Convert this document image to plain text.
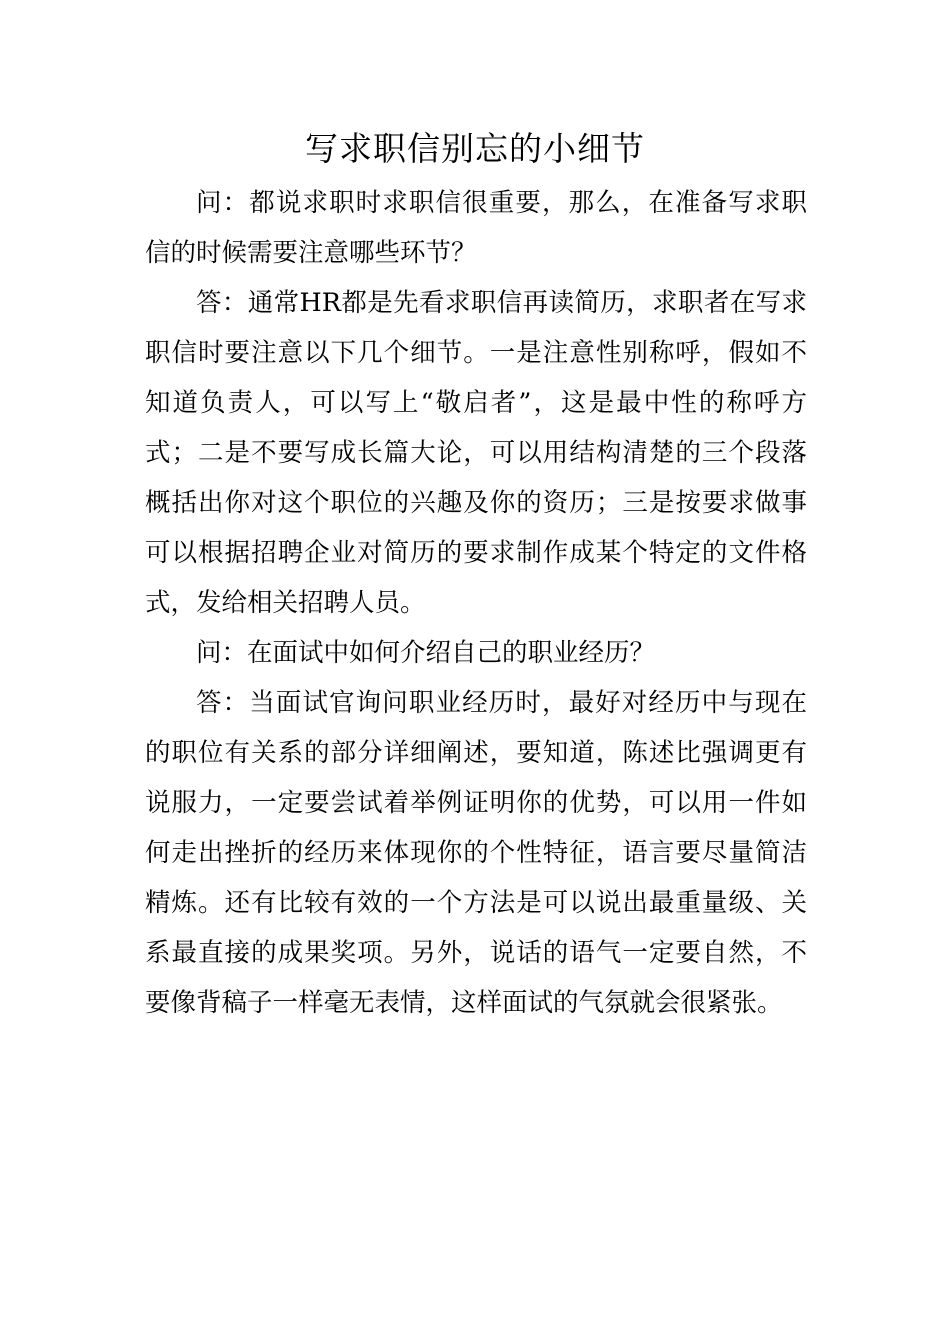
写求职信别忘的小细节

问：都说求职时求职信很重要，那么，在准备写求职信的时候需要注意哪些环节？

答：通常HR都是先看求职信再读简历，求职者在写求职信时要注意以下几个细节。一是注意性别称呼，假如不知道负责人，可以写上“敬启者”，这是最中性的称呼方式；二是不要写成长篇大论，可以用结构清楚的三个段落概括出你对这个职位的兴趣及你的资历；三是按要求做事可以根据招聘企业对简历的要求制作成某个特定的文件格式，发给相关招聘人员。

问：在面试中如何介绍自己的职业经历？

答：当面试官询问职业经历时，最好对经历中与现在的职位有关系的部分详细阐述，要知道，陈述比强调更有说服力，一定要尝试着举例证明你的优势，可以用一件如何走出挫折的经历来体现你的个性特征，语言要尽量简洁精炼。还有比较有效的一个方法是可以说出最重量级、关系最直接的成果奖项。另外，说话的语气一定要自然，不要像背稿子一样毫无表情，这样面试的气氛就会很紧张。
